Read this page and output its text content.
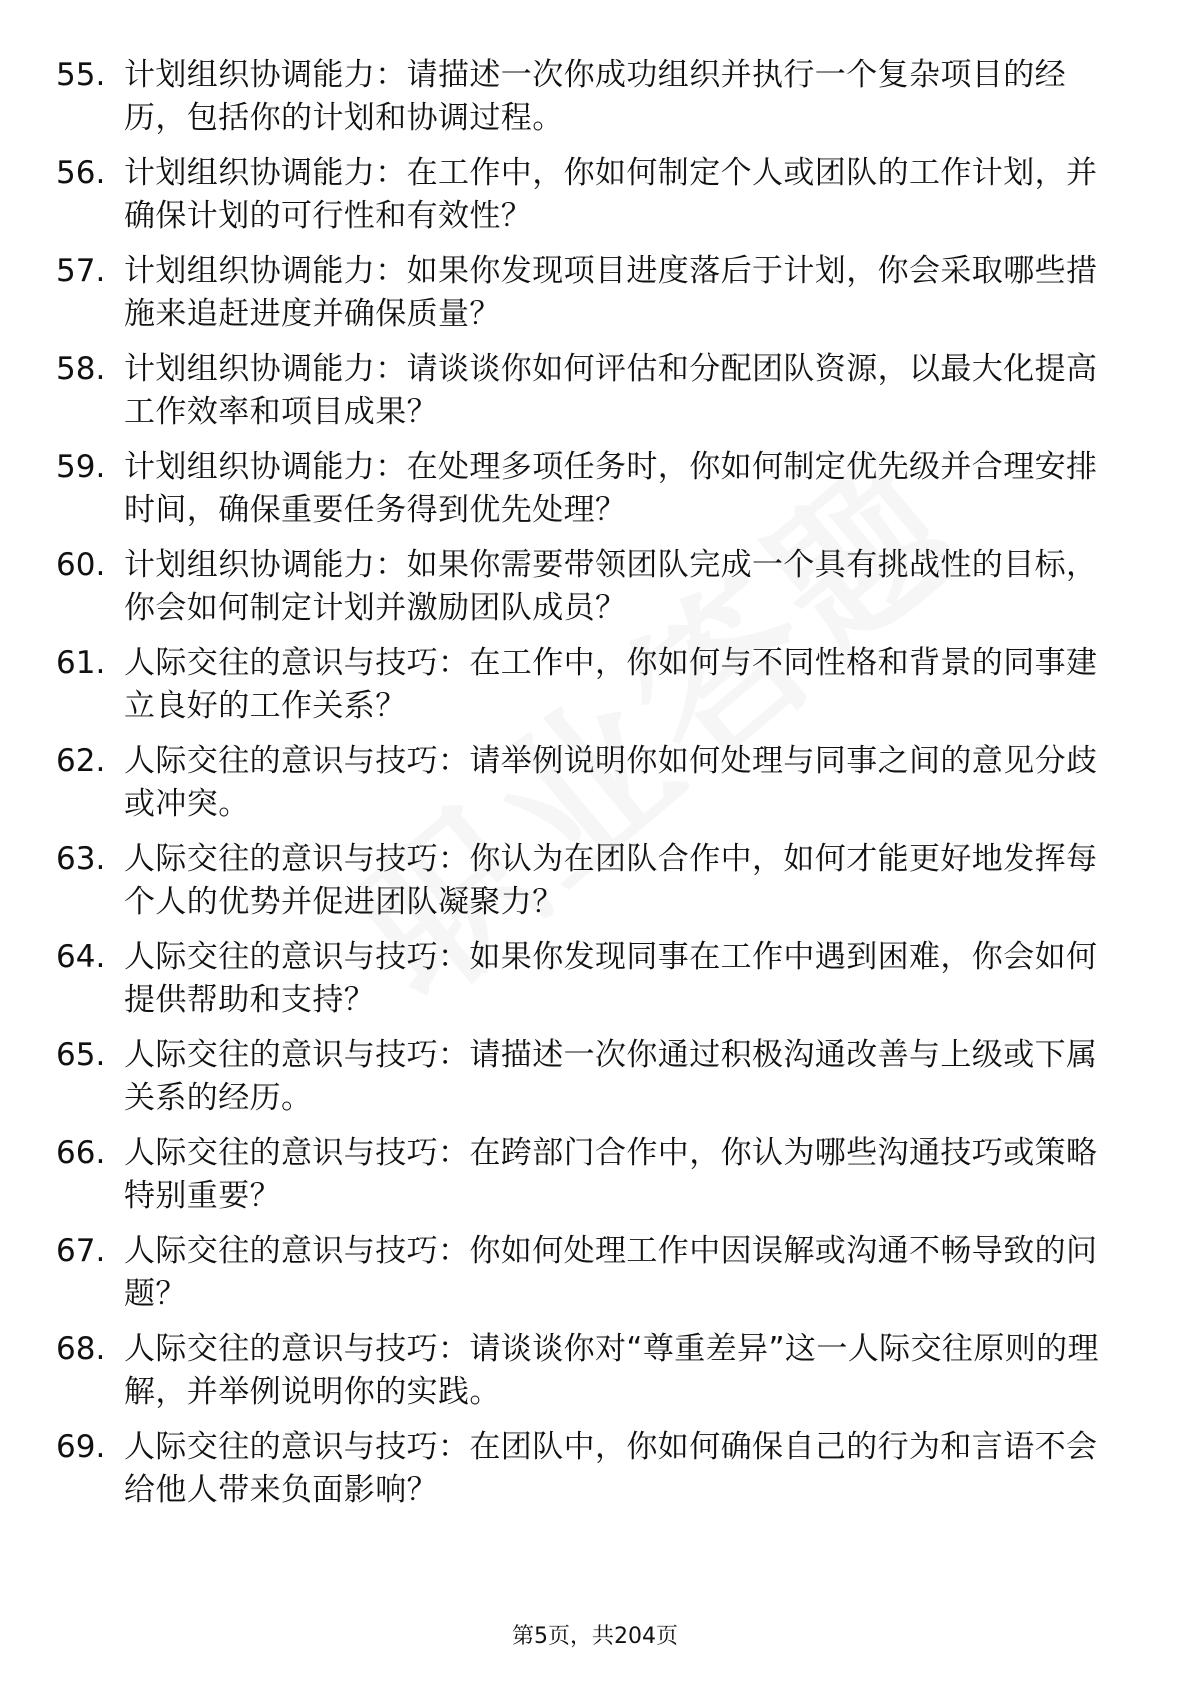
55. 计划组织协调能力：请描述一次你成功组织并执行一个复杂项目的经历，包括你的计划和协调过程。
56. 计划组织协调能力：在工作中，你如何制定个人或团队的工作计划，并确保计划的可行性和有效性？
57. 计划组织协调能力：如果你发现项目进度落后于计划，你会采取哪些措施来追赶进度并确保质量？
58. 计划组织协调能力：请谈谈你如何评估和分配团队资源，以最大化提高工作效率和项目成果？
59. 计划组织协调能力：在处理多项任务时，你如何制定优先级并合理安排时间，确保重要任务得到优先处理？
60. 计划组织协调能力：如果你需要带领团队完成一个具有挑战性的目标，你会如何制定计划并激励团队成员？
61. 人际交往的意识与技巧：在工作中，你如何与不同性格和背景的同事建立良好的工作关系？
62. 人际交往的意识与技巧：请举例说明你如何处理与同事之间的意见分歧或冲突。
63. 人际交往的意识与技巧：你认为在团队合作中，如何才能更好地发挥每个人的优势并促进团队凝聚力？
64. 人际交往的意识与技巧：如果你发现同事在工作中遇到困难，你会如何提供帮助和支持？
65. 人际交往的意识与技巧：请描述一次你通过积极沟通改善与上级或下属关系的经历。
66. 人际交往的意识与技巧：在跨部门合作中，你认为哪些沟通技巧或策略特别重要？
67. 人际交往的意识与技巧：你如何处理工作中因误解或沟通不畅导致的问题？
68. 人际交往的意识与技巧：请谈谈你对“尊重差异”这一人际交往原则的理解，并举例说明你的实践。
69. 人际交往的意识与技巧：在团队中，你如何确保自己的行为和言语不会给他人带来负面影响？
第5页，共204页
